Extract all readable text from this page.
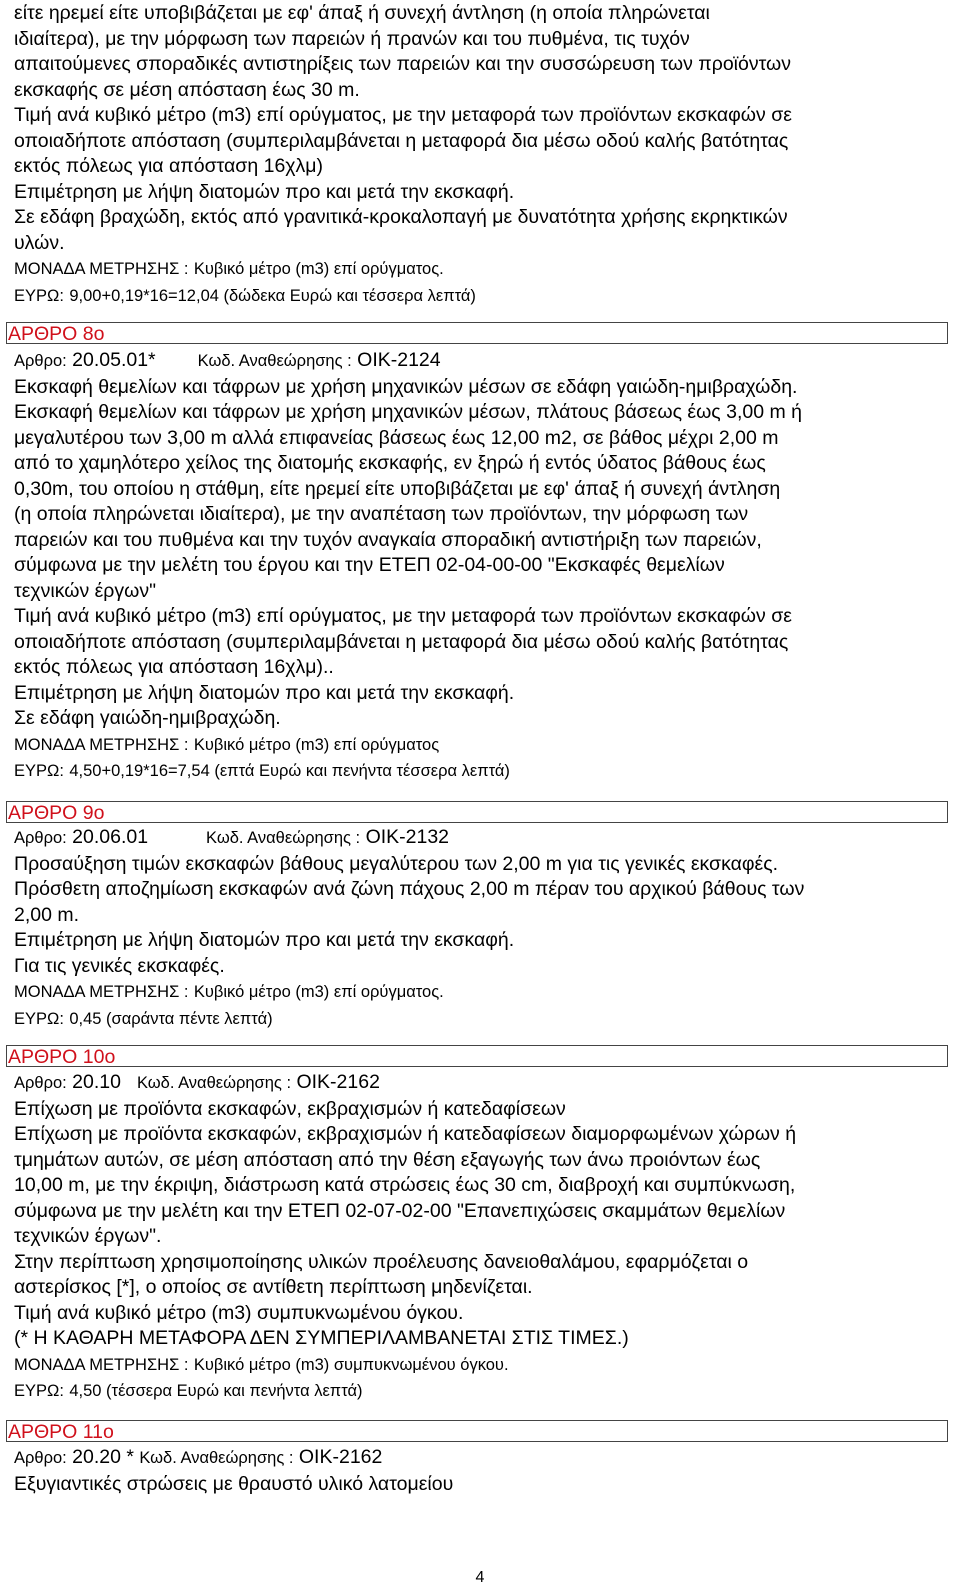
είτε ηρεμεί είτε υποβιβάζεται με εφ' άπαξ ή συνεχή άντληση (η οποία πληρώνεται

ιδιαίτερα), με την μόρφωση των παρειών ή πρανών και του πυθμένα, τις τυχόν

απαιτούμενες σποραδικές αντιστηρίξεις των παρειών και την συσσώρευση των προϊόντων

εκσκαφής σε μέση απόσταση έως 30 m.

Τιμή ανά κυβικό μέτρο (m3) επί ορύγματος, με την μεταφορά των προϊόντων εκσκαφών σε

οποιαδήποτε απόσταση (συμπεριλαμβάνεται η μεταφορά δια μέσω οδού καλής βατότητας

εκτός πόλεως για απόσταση 16χλμ)

Επιμέτρηση με λήψη διατομών προ και μετά την εκσκαφή.

Σε εδάφη βραχώδη, εκτός από γρανιτικά-κροκαλοπαγή με δυνατότητα χρήσης εκρηκτικών

υλών.

ΜΟΝΑΔΑ ΜΕΤΡΗΣΗΣ : Κυβικό μέτρο (m3) επί ορύγματος.

ΕΥΡΩ: 9,00+0,19*16=12,04 (δώδεκα Ευρώ και τέσσερα λεπτά)

ΑΡΘΡΟ 8ο

Αρθρο: 20.05.01*	Κωδ. Αναθεώρησης : ΟΙΚ-2124

Εκσκαφή θεμελίων και τάφρων με χρήση μηχανικών μέσων σε εδάφη γαιώδη-ημιβραχώδη.

Εκσκαφή θεμελίων και τάφρων με χρήση μηχανικών μέσων, πλάτους βάσεως έως 3,00 m ή

μεγαλυτέρου των 3,00 m αλλά επιφανείας βάσεως έως 12,00 m2, σε βάθος μέχρι 2,00 m

από το χαμηλότερο χείλος της διατομής εκσκαφής, εν ξηρώ ή εντός ύδατος βάθους έως

0,30m, του οποίου η στάθμη, είτε ηρεμεί είτε υποβιβάζεται με εφ' άπαξ ή συνεχή άντληση

(η οποία πληρώνεται ιδιαίτερα), με την αναπέταση των προϊόντων, την μόρφωση των

παρειών και του πυθμένα και την τυχόν αναγκαία σποραδική αντιστήριξη των παρειών,

σύμφωνα με την μελέτη του έργου και την ΕΤΕΠ 02-04-00-00 "Εκσκαφές θεμελίων

τεχνικών έργων"

Τιμή ανά κυβικό μέτρο (m3) επί ορύγματος, με την μεταφορά των προϊόντων εκσκαφών σε

οποιαδήποτε απόσταση (συμπεριλαμβάνεται η μεταφορά δια μέσω οδού καλής βατότητας

εκτός πόλεως για απόσταση 16χλμ)..

Επιμέτρηση με λήψη διατομών προ και μετά την εκσκαφή.

Σε εδάφη γαιώδη-ημιβραχώδη.

ΜΟΝΑΔΑ ΜΕΤΡΗΣΗΣ : Κυβικό μέτρο (m3) επί ορύγματος

ΕΥΡΩ: 4,50+0,19*16=7,54 (επτά Ευρώ και πενήντα τέσσερα λεπτά)

ΑΡΘΡΟ 9ο

Αρθρο: 20.06.01	Κωδ. Αναθεώρησης : ΟΙΚ-2132

Προσαύξηση τιμών εκσκαφών βάθους μεγαλύτερου των 2,00 m για τις γενικές εκσκαφές.

Πρόσθετη αποζημίωση εκσκαφών ανά ζώνη πάχους 2,00 m πέραν του αρχικού βάθους των

2,00 m.

Επιμέτρηση με λήψη διατομών προ και μετά την εκσκαφή.

Για τις γενικές εκσκαφές.

ΜΟΝΑΔΑ ΜΕΤΡΗΣΗΣ : Κυβικό μέτρο (m3) επί ορύγματος.

ΕΥΡΩ: 0,45 (σαράντα πέντε λεπτά)

ΑΡΘΡΟ 10ο

Αρθρο: 20.10 Κωδ. Αναθεώρησης : ΟΙΚ-2162

Επίχωση με προϊόντα εκσκαφών, εκβραχισμών ή κατεδαφίσεων

Επίχωση με προϊόντα εκσκαφών, εκβραχισμών ή κατεδαφίσεων διαμορφωμένων χώρων ή

τμημάτων αυτών, σε μέση απόσταση από την θέση εξαγωγής των άνω προιόντων έως

10,00 m, με την έκριψη, διάστρωση κατά στρώσεις έως 30 cm, διαβροχή και συμπύκνωση,

σύμφωνα με την μελέτη και την ΕΤΕΠ 02-07-02-00 "Επανεπιχώσεις σκαμμάτων θεμελίων

τεχνικών έργων".

Στην περίπτωση χρησιμοποίησης υλικών προέλευσης δανειοθαλάμου, εφαρμόζεται ο

αστερίσκος [*], ο οποίος σε αντίθετη περίπτωση μηδενίζεται.

Τιμή ανά κυβικό μέτρο (m3) συμπυκνωμένου όγκου.

(* Η ΚΑΘΑΡΗ ΜΕΤΑΦΟΡΑ ΔΕΝ ΣΥΜΠΕΡΙΛΑΜΒΑΝΕΤΑΙ ΣΤΙΣ ΤΙΜΕΣ.)

ΜΟΝΑΔΑ ΜΕΤΡΗΣΗΣ : Κυβικό μέτρο (m3) συμπυκνωμένου όγκου.

ΕΥΡΩ: 4,50 (τέσσερα Ευρώ και πενήντα λεπτά)

ΑΡΘΡΟ 11ο

Αρθρο: 20.20 * Κωδ. Αναθεώρησης : ΟΙΚ-2162

Εξυγιαντικές στρώσεις με θραυστό υλικό λατομείου

4
